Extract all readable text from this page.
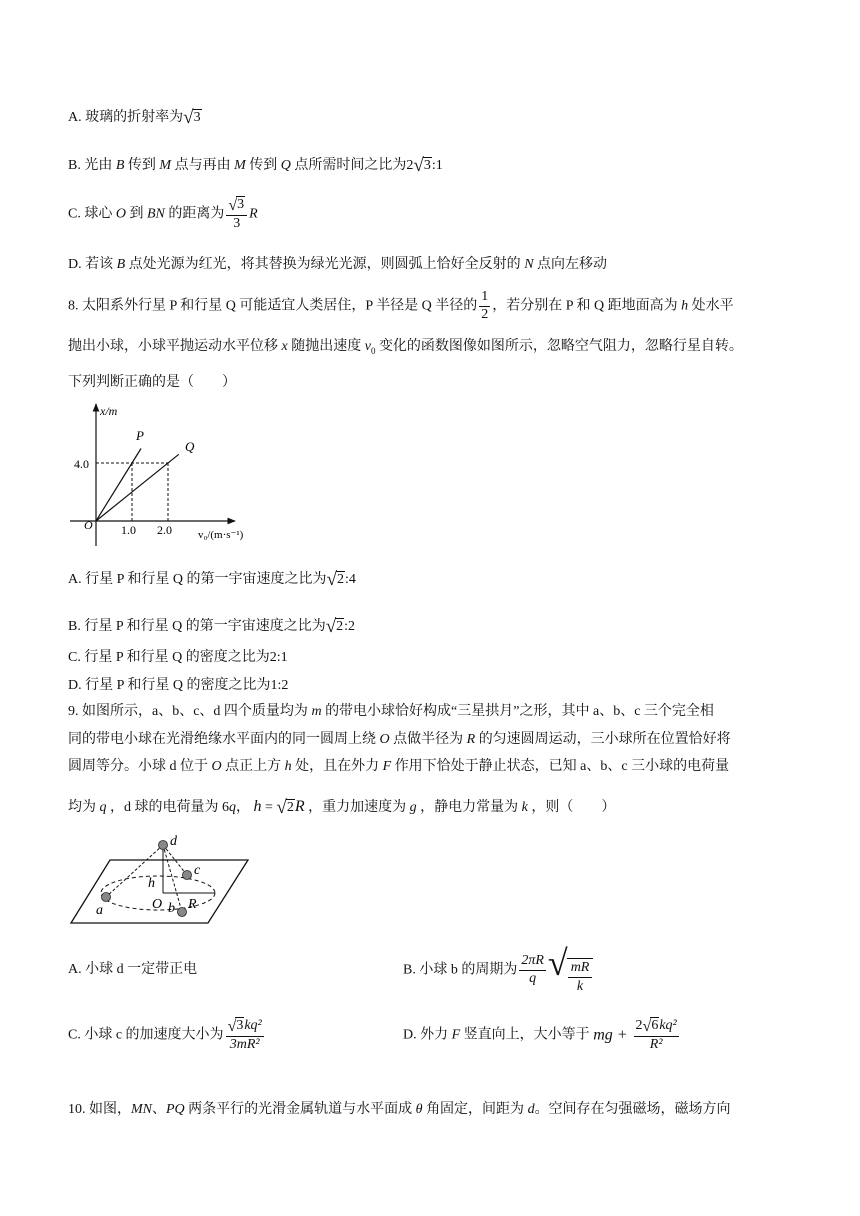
A. 玻璃的折射率为√3
B. 光由 B 传到 M 点与再由 M 传到 Q 点所需时间之比为2√3:1
C. 球心 O 到 BN 的距离为 $\frac{√3}{3}$ R
D. 若该 B 点处光源为红光，将其替换为绿光光源，则圆弧上恰好全反射的 N 点向左移动
8. 太阳系外行星 P 和行星 Q 可能适宜人类居住，P 半径是 Q 半径的 $\frac{1}{2}$ ，若分别在 P 和 Q 距地面高为 h 处水平
抛出小球，小球平抛运动水平位移 x 随抛出速度 $v_0$ 变化的函数图像如图所示，忽略空气阻力，忽略行星自转。
下列判断正确的是（　　）
x/m
v₀/(m·s⁻¹)
O
4.0
1.0 2.0
P
Q
A. 行星 P 和行星 Q 的第一宇宙速度之比为√2:4
B. 行星 P 和行星 Q 的第一宇宙速度之比为√2:2
C. 行星 P 和行星 Q 的密度之比为2:1
D. 行星 P 和行星 Q 的密度之比为1:2
9. 如图所示，a、b、c、d 四个质量均为 m 的带电小球恰好构成“三星拱月”之形，其中 a、b、c 三个完全相
同的带电小球在光滑绝缘水平面内的同一圆周上绕 O 点做半径为 R 的匀速圆周运动，三小球所在位置恰好将
圆周等分。小球 d 位于 O 点正上方 h 处，且在外力 F 作用下恰处于静止状态，已知 a、b、c 三小球的电荷量
均为 q ，d 球的电荷量为 6q， h = √2R ，重力加速度为 g ，静电力常量为 k ，则（　　）
d
c
h
a	O b R
A. 小球 d 一定带正电	B. 小球 b 的周期为 $\frac{2\pi R}{q}$ √ $\frac{mR}{k}$
C. 小球 c 的加速度大小为 $\frac{\text{√3kq²}}{\text{3mR²}}$	D. 外力 F 竖直向上，大小等于 mg + $\frac{\text{2√6kq²}}{\text{R²}}$
10. 如图，MN、PQ 两条平行的光滑金属轨道与水平面成 θ 角固定，间距为 d。空间存在匀强磁场，磁场方向
